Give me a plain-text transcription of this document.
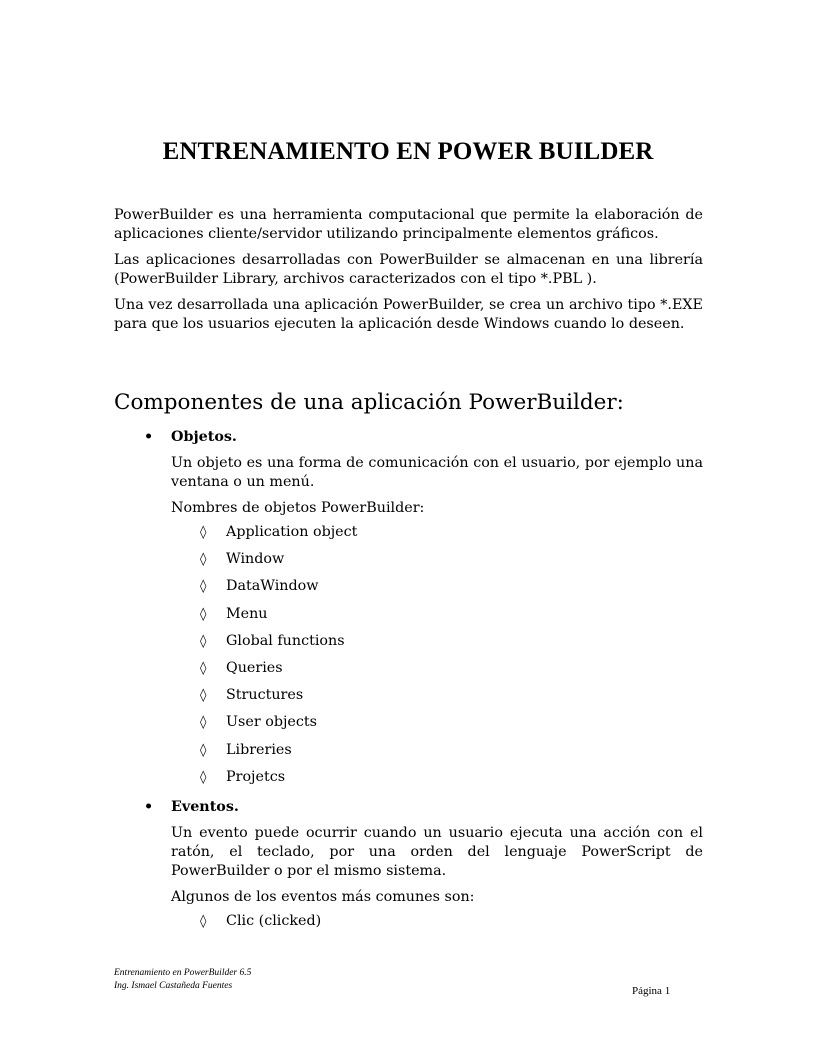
ENTRENAMIENTO EN POWER BUILDER

PowerBuilder es una herramienta computacional que permite la elaboración de aplicaciones cliente/servidor utilizando principalmente elementos gráficos.

Las aplicaciones desarrolladas con PowerBuilder se almacenan en una librería (PowerBuilder Library, archivos caracterizados con el tipo *.PBL ).

Una vez desarrollada una aplicación PowerBuilder, se crea un archivo tipo *.EXE para que los usuarios ejecuten la aplicación desde Windows cuando lo deseen.

Componentes de una aplicación PowerBuilder:
• Objetos.

Un objeto es una forma de comunicación con el usuario, por ejemplo una ventana o un menú.

Nombres de objetos PowerBuilder:

◊ Application object
◊ Window
◊ DataWindow
◊ Menu
◊ Global functions
◊ Queries
◊ Structures
◊ User objects
◊ Libreries
◊ Projetcs
• Eventos.

Un evento puede ocurrir cuando un usuario ejecuta una acción con el ratón, el teclado, por una orden del lenguaje PowerScript de PowerBuilder o por el mismo sistema.

Algunos de los eventos más comunes son:

◊ Clic (clicked)
Entrenamiento en PowerBuilder 6.5
Ing. Ismael Castañeda Fuentes	Página 1
